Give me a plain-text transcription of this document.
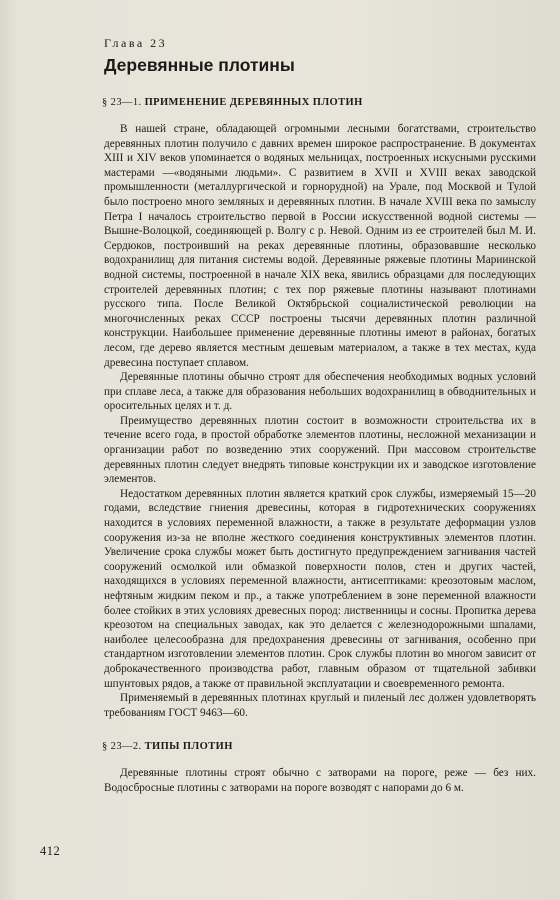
Глава 23
Деревянные плотины
§ 23—1. ПРИМЕНЕНИЕ ДЕРЕВЯННЫХ ПЛОТИН

В нашей стране, обладающей огромными лесными богатствами, строительство деревянных плотин получило с давних времен широкое распространение. В документах XIII и XIV веков упоминается о водяных мельницах, построенных искусными русскими мастерами —«водяными людьми». С развитием в XVII и XVIII веках заводской промышленности (металлургической и горнорудной) на Урале, под Москвой и Тулой было построено много земляных и деревянных плотин. В начале XVIII века по замыслу Петра I началось строительство первой в России искусственной водной системы — Вышне-Волоцкой, соединяющей р. Волгу с р. Невой. Одним из ее строителей был М. И. Сердюков, построивший на реках деревянные плотины, образовавшие несколько водохранилищ для питания системы водой. Деревянные ряжевые плотины Мариинской водной системы, построенной в начале XIX века, явились образцами для последующих строителей деревянных плотин; с тех пор ряжевые плотины называют плотинами русского типа. После Великой Октябрьской социалистической революции на многочисленных реках СССР построены тысячи деревянных плотин различной конструкции. Наибольшее применение деревянные плотины имеют в районах, богатых лесом, где дерево является местным дешевым материалом, а также в тех местах, куда древесина поступает сплавом.

Деревянные плотины обычно строят для обеспечения необходимых водных условий при сплаве леса, а также для образования небольших водохранилищ в обводнительных и оросительных целях и т. д.

Преимущество деревянных плотин состоит в возможности строительства их в течение всего года, в простой обработке элементов плотины, несложной механизации и организации работ по возведению этих сооружений. При массовом строительстве деревянных плотин следует внедрять типовые конструкции их и заводское изготовление элементов.

Недостатком деревянных плотин является краткий срок службы, измеряемый 15—20 годами, вследствие гниения древесины, которая в гидротехнических сооружениях находится в условиях переменной влажности, а также в результате деформации узлов сооружения из-за не вполне жесткого соединения конструктивных элементов плотин. Увеличение срока службы может быть достигнуто предупреждением загнивания частей сооружений осмолкой или обмазкой поверхности полов, стен и других частей, находящихся в условиях переменной влажности, антисептиками: креозотовым маслом, нефтяным жидким пеком и пр., а также употреблением в зоне переменной влажности более стойких в этих условиях древесных пород: лиственницы и сосны. Пропитка дерева креозотом на специальных заводах, как это делается с железнодорожными шпалами, наиболее целесообразна для предохранения древесины от загнивания, особенно при стандартном изготовлении элементов плотин. Срок службы плотин во многом зависит от доброкачественного производства работ, главным образом от тщательной забивки шпунтовых рядов, а также от правильной эксплуатации и своевременного ремонта.

Применяемый в деревянных плотинах круглый и пиленый лес должен удовлетворять требованиям ГОСТ 9463—60.

§ 23—2. ТИПЫ ПЛОТИН

Деревянные плотины строят обычно с затворами на пороге, реже — без них. Водосбросные плотины с затворами на пороге возводят с напорами до 6 м.

412
